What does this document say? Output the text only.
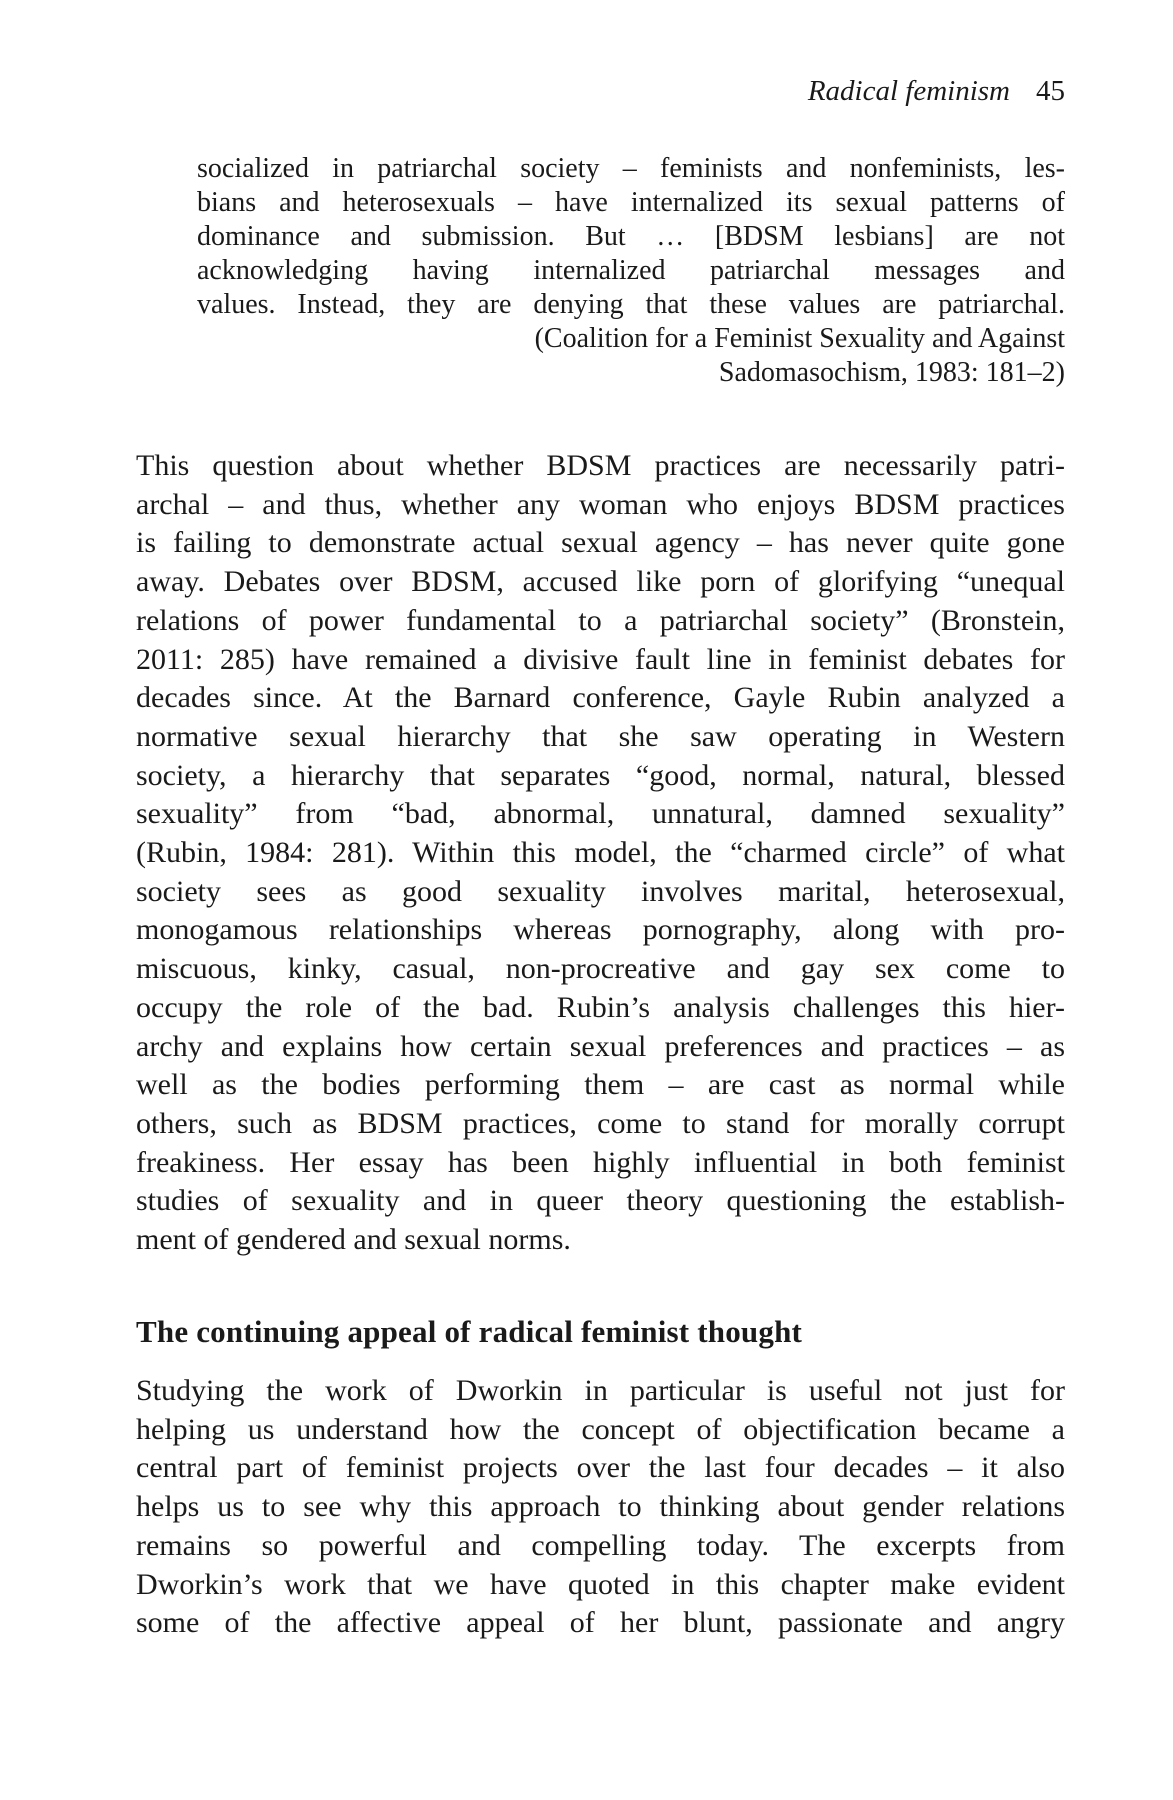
Radical feminism 45
socialized in patriarchal society – feminists and nonfeminists, les-
bians and heterosexuals – have internalized its sexual patterns of
dominance and submission. But … [BDSM lesbians] are not
acknowledging having internalized patriarchal messages and
values. Instead, they are denying that these values are patriarchal.
(Coalition for a Feminist Sexuality and Against
Sadomasochism, 1983: 181–2)
This question about whether BDSM practices are necessarily patri-
archal – and thus, whether any woman who enjoys BDSM practices
is failing to demonstrate actual sexual agency – has never quite gone
away. Debates over BDSM, accused like porn of glorifying “unequal
relations of power fundamental to a patriarchal society” (Bronstein,
2011: 285) have remained a divisive fault line in feminist debates for
decades since. At the Barnard conference, Gayle Rubin analyzed a
normative sexual hierarchy that she saw operating in Western
society, a hierarchy that separates “good, normal, natural, blessed
sexuality” from “bad, abnormal, unnatural, damned sexuality”
(Rubin, 1984: 281). Within this model, the “charmed circle” of what
society sees as good sexuality involves marital, heterosexual,
monogamous relationships whereas pornography, along with pro-
miscuous, kinky, casual, non-procreative and gay sex come to
occupy the role of the bad. Rubin’s analysis challenges this hier-
archy and explains how certain sexual preferences and practices – as
well as the bodies performing them – are cast as normal while
others, such as BDSM practices, come to stand for morally corrupt
freakiness. Her essay has been highly influential in both feminist
studies of sexuality and in queer theory questioning the establish-
ment of gendered and sexual norms.
The continuing appeal of radical feminist thought
Studying the work of Dworkin in particular is useful not just for
helping us understand how the concept of objectification became a
central part of feminist projects over the last four decades – it also
helps us to see why this approach to thinking about gender relations
remains so powerful and compelling today. The excerpts from
Dworkin’s work that we have quoted in this chapter make evident
some of the affective appeal of her blunt, passionate and angry
